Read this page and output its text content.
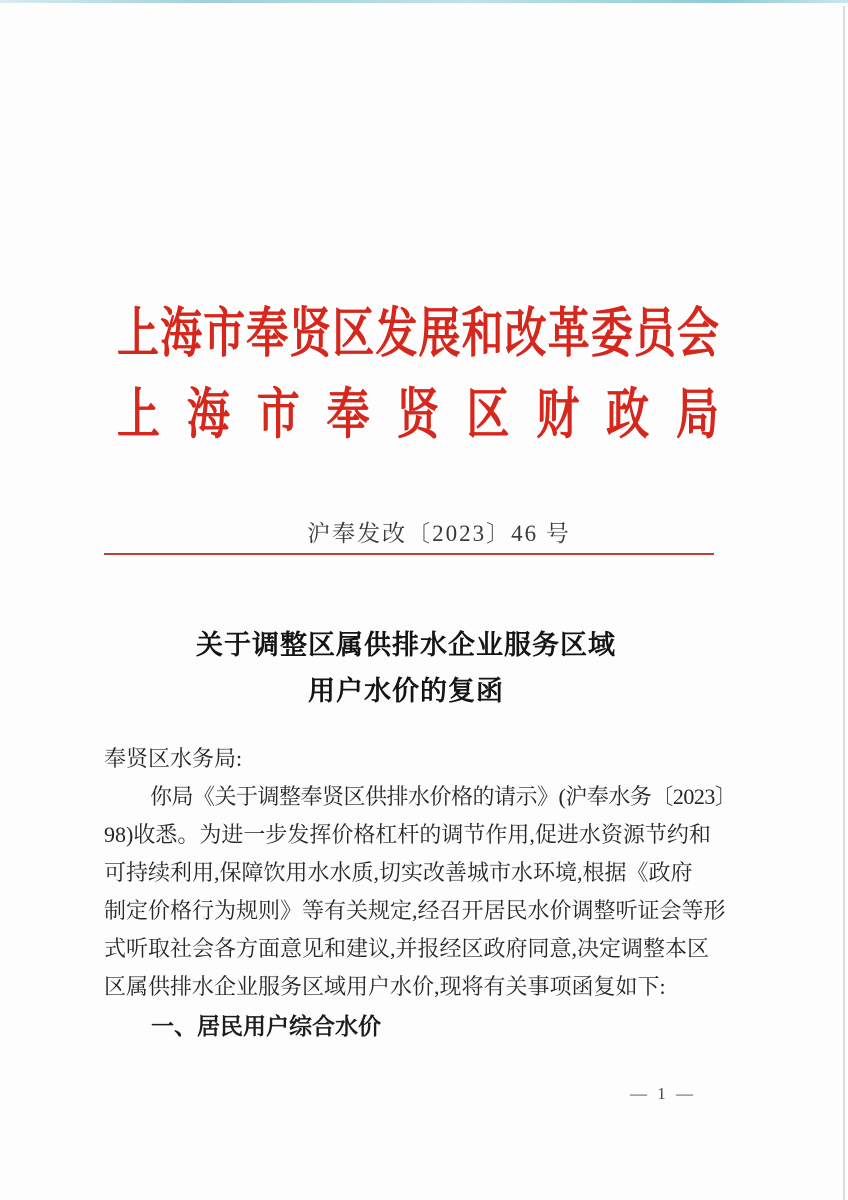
上海市奉贤区发展和改革委员会
上海市奉贤区财政局
沪奉发改〔2023〕46 号
关于调整区属供排水企业服务区域
用户水价的复函
奉贤区水务局:
你局《关于调整奉贤区供排水价格的请示》(沪奉水务〔2023〕
98)收悉。为进一步发挥价格杠杆的调节作用,促进水资源节约和
可持续利用,保障饮用水水质,切实改善城市水环境,根据《政府
制定价格行为规则》等有关规定,经召开居民水价调整听证会等形
式听取社会各方面意见和建议,并报经区政府同意,决定调整本区
区属供排水企业服务区域用户水价,现将有关事项函复如下:
一、居民用户综合水价
— 1 —
